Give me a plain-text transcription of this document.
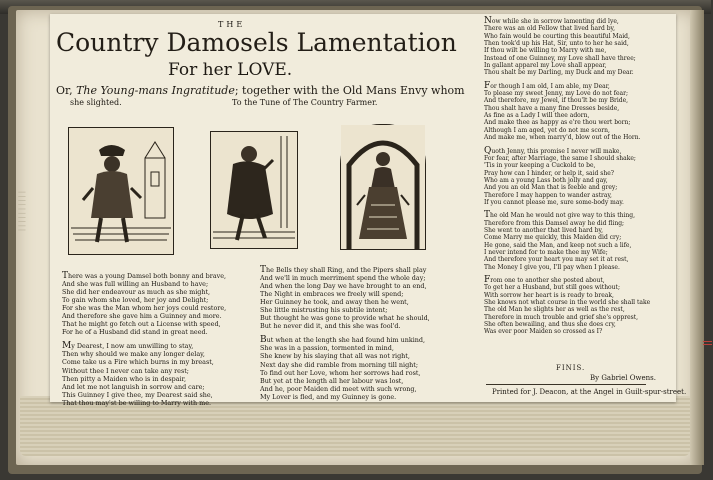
||||||||||
THE
Country Damosels Lamentation
For her LOVE.
Or, The Young-mans Ingratitude; together with the Old Mans Envy whom
she slighted.	To the Tune of The Country Farmer.
There was a young Damsel both bonny and brave,
And she was full willing an Husband to have;
She did her endeavour as much as she might,
To gain whom she loved, her joy and Delight;
For she was the Man whom her joys could restore,
And therefore she gave him a Guinney and more.
That he might go fetch out a License with speed,
For he of a Husband did stand in great need.
My Dearest, I now am unwilling to stay,
Then why should we make any longer delay,
Come take us a Fire which burns in my breast,
Without thee I never can take any rest;
Then pitty a Maiden who is in despair,
And let me not languish in sorrow and care;
This Guinney I give thee, my Dearest said she,
That thou may'st be willing to Marry with me.
The Bells they shall Ring, and the Pipers shall play
And we'll in much merriment spend the whole day;
And when the long Day we have brought to an end,
The Night in embraces we freely will spend;
Her Guinney he took, and away then he went,
She little mistrusting his subtile intent;
But thought he was gone to provide what he should,
But he never did it, and this she was fool'd.
But when at the length she had found him unkind,
She was in a passion, tormented in mind,
She knew by his slaying that all was not right,
Next day she did ramble from morning till night;
To find out her Love, whom her sorrows had rost,
But yet at the length all her labour was lost,
And he, poor Maiden did meet with such wrong,
My Lover is fled, and my Guinney is gone.
Now while she in sorrow lamenting did lye,
There was an old Fellow that lived hard by,
Who fain would be courting this beautiful Maid,
Then took'd up his Hat, Sir, unto to her he said,
If thou wilt be willing to Marry with me,
Instead of one Guinney, my Love shall have three;
In gallant apparel my Love shall appear,
Thou shalt be my Darling, my Duck and my Dear.
For though I am old, I am able, my Dear,
To please my sweet Jenny, my Love do not fear;
And therefore, my Jewel, if thou'lt be my Bride,
Thou shalt have a many fine Dresses beside,
As fine as a Lady I will thee adorn,
And make thee as happy as e're thou wert born;
Although I am aged, yet do not me scorn,
And make me, when marry'd, blow out of the Horn.
Quoth Jenny, this promise I never will make,
For fear, after Marriage, the same I should shake;
'Tis in your keeping a Cuckold to be,
Pray how can I hinder, or help it, said she?
Who am a young Lass both jolly and gay,
And you an old Man that is feeble and grey;
Therefore I may happen to wander astray,
If you cannot please me, sure some-body may.
The old Man he would not give way to this thing,
Therefore from this Damsel away he did fling;
She went to another that lived hard by,
Come Marry me quickly, this Maiden did cry;
He gone, said the Man, and keep not such a life,
I never intend for to make thee my Wife;
And therefore your heart you may set it at rest,
The Money I give you, I'll pay when I please.
From one to another she posted about,
To get her a Husband, but still goes without;
With sorrow her heart is is ready to break,
She knows not what course in the world she shall take
The old Man he slights her as well as the rest,
Therefore in much trouble and grief she's opprest,
She often bewailing, and thus she does cry,
Was ever poor Maiden so crossed as I?
FINIS.
By Gabriel Owens.
Printed for J. Deacon, at the Angel in Guilt-spur-street.
ǀǀ
